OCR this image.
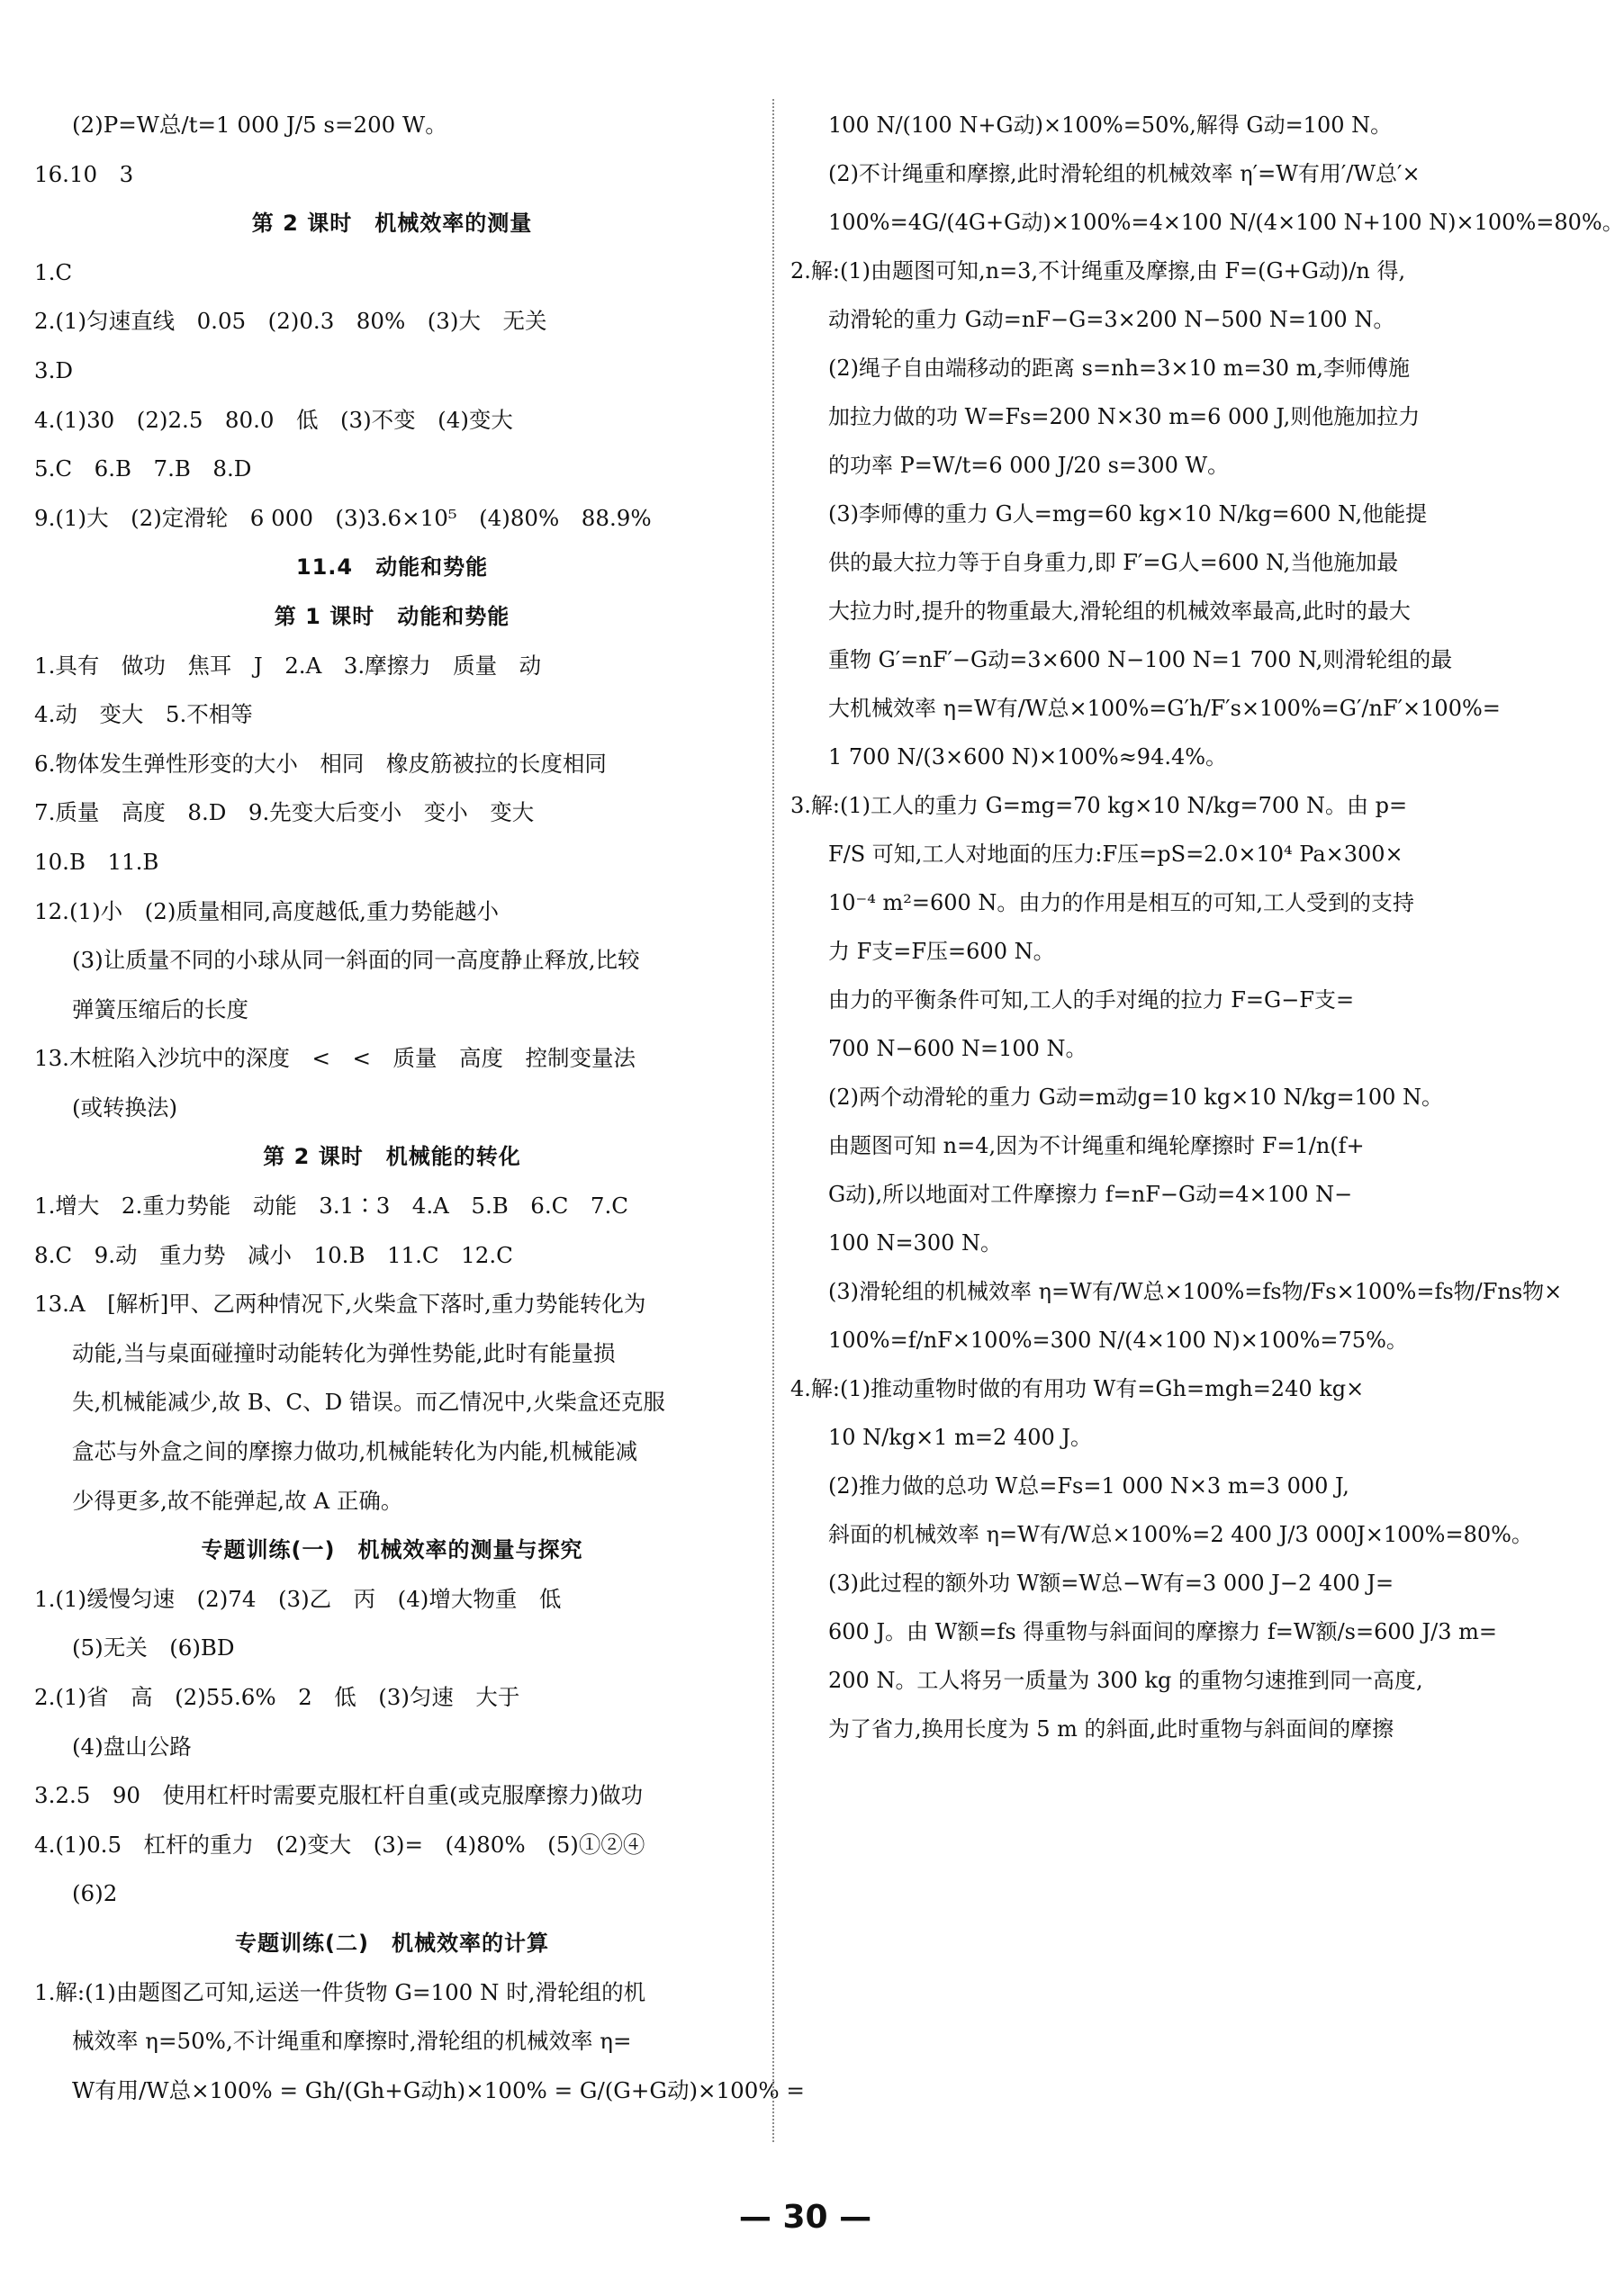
(2)P=W总/t=1 000 J/5 s=200 W。
16.10　3
第 2 课时　机械效率的测量
1.C
2.(1)匀速直线　0.05　(2)0.3　80%　(3)大　无关
3.D
4.(1)30　(2)2.5　80.0　低　(3)不变　(4)变大
5.C　6.B　7.B　8.D
9.(1)大　(2)定滑轮　6 000　(3)3.6×10⁵　(4)80%　88.9%
11.4　动能和势能
第 1 课时　动能和势能
1.具有　做功　焦耳　J　2.A　3.摩擦力　质量　动
4.动　变大　5.不相等
6.物体发生弹性形变的大小　相同　橡皮筋被拉的长度相同
7.质量　高度　8.D　9.先变大后变小　变小　变大
10.B　11.B
12.(1)小　(2)质量相同,高度越低,重力势能越小
(3)让质量不同的小球从同一斜面的同一高度静止释放,比较
弹簧压缩后的长度
13.木桩陷入沙坑中的深度　<　<　质量　高度　控制变量法
(或转换法)
第 2 课时　机械能的转化
1.增大　2.重力势能　动能　3.1∶3　4.A　5.B　6.C　7.C
8.C　9.动　重力势　减小　10.B　11.C　12.C
13.A　[解析]甲、乙两种情况下,火柴盒下落时,重力势能转化为
动能,当与桌面碰撞时动能转化为弹性势能,此时有能量损
失,机械能减少,故 B、C、D 错误。而乙情况中,火柴盒还克服
盒芯与外盒之间的摩擦力做功,机械能转化为内能,机械能减
少得更多,故不能弹起,故 A 正确。
专题训练(一)　机械效率的测量与探究
1.(1)缓慢匀速　(2)74　(3)乙　丙　(4)增大物重　低
(5)无关　(6)BD
2.(1)省　高　(2)55.6%　2　低　(3)匀速　大于
(4)盘山公路
3.2.5　90　使用杠杆时需要克服杠杆自重(或克服摩擦力)做功
4.(1)0.5　杠杆的重力　(2)变大　(3)=　(4)80%　(5)①②④
(6)2
专题训练(二)　机械效率的计算
1.解:(1)由题图乙可知,运送一件货物 G=100 N 时,滑轮组的机
械效率 η=50%,不计绳重和摩擦时,滑轮组的机械效率 η=
W有用/W总×100% = Gh/(Gh+G动h)×100% = G/(G+G动)×100% =
100 N/(100 N+G动)×100%=50%,解得 G动=100 N。
(2)不计绳重和摩擦,此时滑轮组的机械效率 η′=W有用′/W总′×
100%=4G/(4G+G动)×100%=4×100 N/(4×100 N+100 N)×100%=80%。
2.解:(1)由题图可知,n=3,不计绳重及摩擦,由 F=(G+G动)/n 得,
动滑轮的重力 G动=nF−G=3×200 N−500 N=100 N。
(2)绳子自由端移动的距离 s=nh=3×10 m=30 m,李师傅施
加拉力做的功 W=Fs=200 N×30 m=6 000 J,则他施加拉力
的功率 P=W/t=6 000 J/20 s=300 W。
(3)李师傅的重力 G人=mg=60 kg×10 N/kg=600 N,他能提
供的最大拉力等于自身重力,即 F′=G人=600 N,当他施加最
大拉力时,提升的物重最大,滑轮组的机械效率最高,此时的最大
重物 G′=nF′−G动=3×600 N−100 N=1 700 N,则滑轮组的最
大机械效率 η=W有/W总×100%=G′h/F′s×100%=G′/nF′×100%=
1 700 N/(3×600 N)×100%≈94.4%。
3.解:(1)工人的重力 G=mg=70 kg×10 N/kg=700 N。由 p=
F/S 可知,工人对地面的压力:F压=pS=2.0×10⁴ Pa×300×
10⁻⁴ m²=600 N。由力的作用是相互的可知,工人受到的支持
力 F支=F压=600 N。
由力的平衡条件可知,工人的手对绳的拉力 F=G−F支=
700 N−600 N=100 N。
(2)两个动滑轮的重力 G动=m动g=10 kg×10 N/kg=100 N。
由题图可知 n=4,因为不计绳重和绳轮摩擦时 F=1/n(f+
G动),所以地面对工件摩擦力 f=nF−G动=4×100 N−
100 N=300 N。
(3)滑轮组的机械效率 η=W有/W总×100%=fs物/Fs×100%=fs物/Fns物×
100%=f/nF×100%=300 N/(4×100 N)×100%=75%。
4.解:(1)推动重物时做的有用功 W有=Gh=mgh=240 kg×
10 N/kg×1 m=2 400 J。
(2)推力做的总功 W总=Fs=1 000 N×3 m=3 000 J,
斜面的机械效率 η=W有/W总×100%=2 400 J/3 000J×100%=80%。
(3)此过程的额外功 W额=W总−W有=3 000 J−2 400 J=
600 J。由 W额=fs 得重物与斜面间的摩擦力 f=W额/s=600 J/3 m=
200 N。工人将另一质量为 300 kg 的重物匀速推到同一高度,
为了省力,换用长度为 5 m 的斜面,此时重物与斜面间的摩擦
— 30 —
